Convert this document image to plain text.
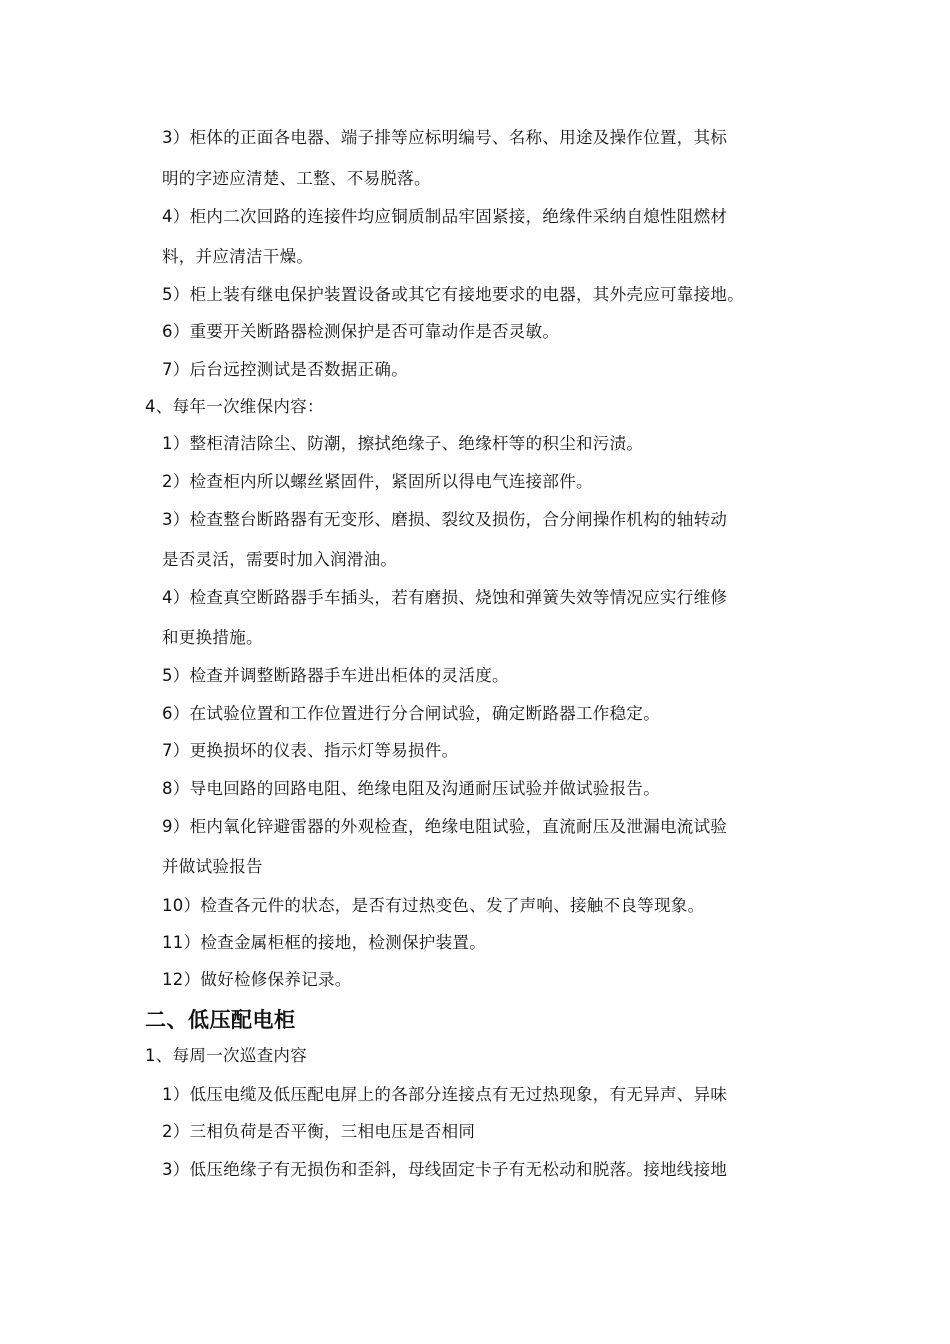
3）柜体的正面各电器、端子排等应标明编号、名称、用途及操作位置，其标
明的字迹应清楚、工整、不易脱落。
4）柜内二次回路的连接件均应铜质制品牢固紧接，绝缘件采纳自熄性阻燃材
料，并应清洁干燥。
5）柜上装有继电保护装置设备或其它有接地要求的电器，其外壳应可靠接地。
6）重要开关断路器检测保护是否可靠动作是否灵敏。
7）后台远控测试是否数据正确。
4、每年一次维保内容：
1）整柜清洁除尘、防潮，擦拭绝缘子、绝缘杆等的积尘和污渍。
2）检查柜内所以螺丝紧固件，紧固所以得电气连接部件。
3）检查整台断路器有无变形、磨损、裂纹及损伤，合分闸操作机构的轴转动
是否灵活，需要时加入润滑油。
4）检查真空断路器手车插头，若有磨损、烧蚀和弹簧失效等情况应实行维修
和更换措施。
5）检查并调整断路器手车进出柜体的灵活度。
6）在试验位置和工作位置进行分合闸试验，确定断路器工作稳定。
7）更换损坏的仪表、指示灯等易损件。
8）导电回路的回路电阻、绝缘电阻及沟通耐压试验并做试验报告。
9）柜内氧化锌避雷器的外观检查，绝缘电阻试验，直流耐压及泄漏电流试验
并做试验报告
10）检查各元件的状态，是否有过热变色、发了声响、接触不良等现象。
11）检查金属柜框的接地，检测保护装置。
12）做好检修保养记录。
二、低压配电柜
1、每周一次巡查内容
1）低压电缆及低压配电屏上的各部分连接点有无过热现象，有无异声、异味
2）三相负荷是否平衡，三相电压是否相同
3）低压绝缘子有无损伤和歪斜，母线固定卡子有无松动和脱落。接地线接地
